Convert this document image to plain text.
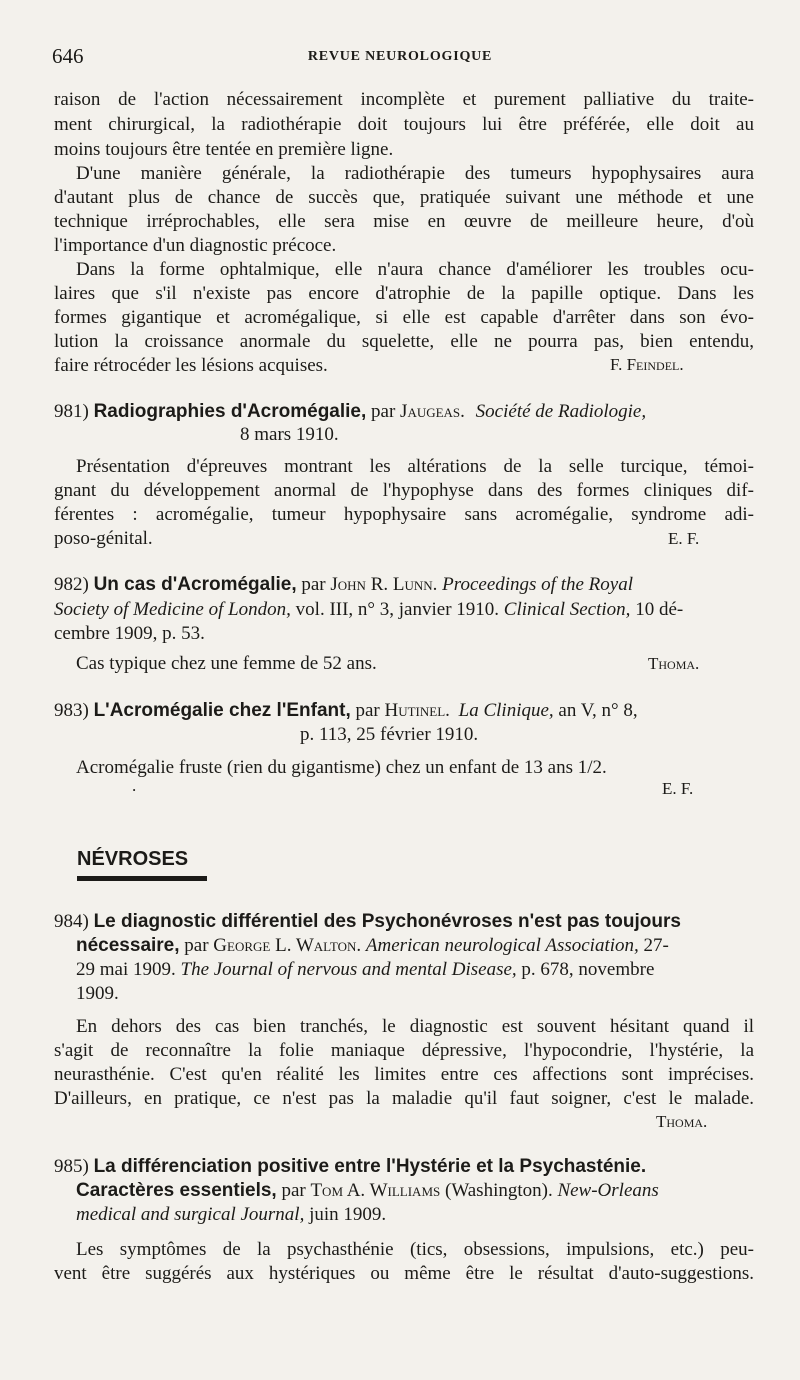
646	REVUE NEUROLOGIQUE

raison de l'action nécessairement incomplète et purement palliative du traite-

ment chirurgical, la radiothérapie doit toujours lui être préférée, elle doit au

moins toujours être tentée en première ligne.

D'une manière générale, la radiothérapie des tumeurs hypophysaires aura

d'autant plus de chance de succès que, pratiquée suivant une méthode et une

technique irréprochables, elle sera mise en œuvre de meilleure heure, d'où

l'importance d'un diagnostic précoce.

Dans la forme ophtalmique, elle n'aura chance d'améliorer les troubles ocu-

laires que s'il n'existe pas encore d'atrophie de la papille optique. Dans les

formes gigantique et acromégalique, si elle est capable d'arrêter dans son évo-

lution la croissance anormale du squelette, elle ne pourra pas, bien entendu,

faire rétrocéder les lésions acquises.	F. Feindel.

981) Radiographies d'Acromégalie, par Jaugeas. Société de Radiologie,

8 mars 1910.

Présentation d'épreuves montrant les altérations de la selle turcique, témoi-

gnant du développement anormal de l'hypophyse dans des formes cliniques dif-

férentes : acromégalie, tumeur hypophysaire sans acromégalie, syndrome adi-

poso-génital.	E. F.

982) Un cas d'Acromégalie, par John R. Lunn. Proceedings of the Royal

Society of Medicine of London, vol. III, n° 3, janvier 1910. Clinical Section, 10 dé-

cembre 1909, p. 53.

Cas typique chez une femme de 52 ans.	Thoma.

983) L'Acromégalie chez l'Enfant, par Hutinel. La Clinique, an V, n° 8,

p. 113, 25 février 1910.

Acromégalie fruste (rien du gigantisme) chez un enfant de 13 ans 1/2.

.	E. F.
NÉVROSES

984) Le diagnostic différentiel des Psychonévroses n'est pas toujours

nécessaire, par George L. Walton. American neurological Association, 27-

29 mai 1909. The Journal of nervous and mental Disease, p. 678, novembre

1909.

En dehors des cas bien tranchés, le diagnostic est souvent hésitant quand il

s'agit de reconnaître la folie maniaque dépressive, l'hypocondrie, l'hystérie, la

neurasthénie. C'est qu'en réalité les limites entre ces affections sont imprécises.

D'ailleurs, en pratique, ce n'est pas la maladie qu'il faut soigner, c'est le malade.

Thoma.

985) La différenciation positive entre l'Hystérie et la Psychasténie.

Caractères essentiels, par Tom A. Williams (Washington). New-Orleans

medical and surgical Journal, juin 1909.

Les symptômes de la psychasthénie (tics, obsessions, impulsions, etc.) peu-

vent être suggérés aux hystériques ou même être le résultat d'auto-suggestions.
